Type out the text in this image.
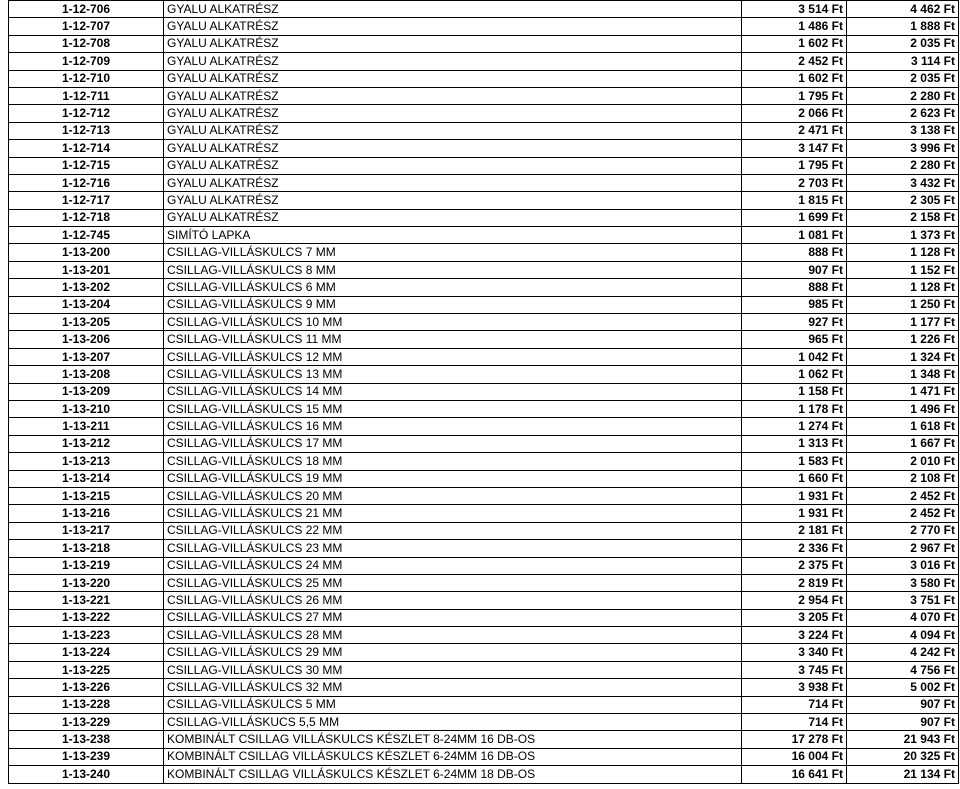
1-12-706	GYALU ALKATRÉSZ	3 514 Ft	4 462 Ft
1-12-707	GYALU ALKATRÉSZ	1 486 Ft	1 888 Ft
1-12-708	GYALU ALKATRÉSZ	1 602 Ft	2 035 Ft
1-12-709	GYALU ALKATRÉSZ	2 452 Ft	3 114 Ft
1-12-710	GYALU ALKATRÉSZ	1 602 Ft	2 035 Ft
1-12-711	GYALU ALKATRÉSZ	1 795 Ft	2 280 Ft
1-12-712	GYALU ALKATRÉSZ	2 066 Ft	2 623 Ft
1-12-713	GYALU ALKATRÉSZ	2 471 Ft	3 138 Ft
1-12-714	GYALU ALKATRÉSZ	3 147 Ft	3 996 Ft
1-12-715	GYALU ALKATRÉSZ	1 795 Ft	2 280 Ft
1-12-716	GYALU ALKATRÉSZ	2 703 Ft	3 432 Ft
1-12-717	GYALU ALKATRÉSZ	1 815 Ft	2 305 Ft
1-12-718	GYALU ALKATRÉSZ	1 699 Ft	2 158 Ft
1-12-745	SIMÍTÓ LAPKA	1 081 Ft	1 373 Ft
1-13-200	CSILLAG-VILLÁSKULCS 7 MM	888 Ft	1 128 Ft
1-13-201	CSILLAG-VILLÁSKULCS 8 MM	907 Ft	1 152 Ft
1-13-202	CSILLAG-VILLÁSKULCS 6 MM	888 Ft	1 128 Ft
1-13-204	CSILLAG-VILLÁSKULCS 9 MM	985 Ft	1 250 Ft
1-13-205	CSILLAG-VILLÁSKULCS 10 MM	927 Ft	1 177 Ft
1-13-206	CSILLAG-VILLÁSKULCS 11 MM	965 Ft	1 226 Ft
1-13-207	CSILLAG-VILLÁSKULCS 12 MM	1 042 Ft	1 324 Ft
1-13-208	CSILLAG-VILLÁSKULCS 13 MM	1 062 Ft	1 348 Ft
1-13-209	CSILLAG-VILLÁSKULCS 14 MM	1 158 Ft	1 471 Ft
1-13-210	CSILLAG-VILLÁSKULCS 15 MM	1 178 Ft	1 496 Ft
1-13-211	CSILLAG-VILLÁSKULCS 16 MM	1 274 Ft	1 618 Ft
1-13-212	CSILLAG-VILLÁSKULCS 17 MM	1 313 Ft	1 667 Ft
1-13-213	CSILLAG-VILLÁSKULCS 18 MM	1 583 Ft	2 010 Ft
1-13-214	CSILLAG-VILLÁSKULCS 19 MM	1 660 Ft	2 108 Ft
1-13-215	CSILLAG-VILLÁSKULCS 20 MM	1 931 Ft	2 452 Ft
1-13-216	CSILLAG-VILLÁSKULCS 21 MM	1 931 Ft	2 452 Ft
1-13-217	CSILLAG-VILLÁSKULCS 22 MM	2 181 Ft	2 770 Ft
1-13-218	CSILLAG-VILLÁSKULCS 23 MM	2 336 Ft	2 967 Ft
1-13-219	CSILLAG-VILLÁSKULCS 24 MM	2 375 Ft	3 016 Ft
1-13-220	CSILLAG-VILLÁSKULCS 25 MM	2 819 Ft	3 580 Ft
1-13-221	CSILLAG-VILLÁSKULCS 26 MM	2 954 Ft	3 751 Ft
1-13-222	CSILLAG-VILLÁSKULCS 27 MM	3 205 Ft	4 070 Ft
1-13-223	CSILLAG-VILLÁSKULCS 28 MM	3 224 Ft	4 094 Ft
1-13-224	CSILLAG-VILLÁSKULCS 29 MM	3 340 Ft	4 242 Ft
1-13-225	CSILLAG-VILLÁSKULCS 30 MM	3 745 Ft	4 756 Ft
1-13-226	CSILLAG-VILLÁSKULCS 32 MM	3 938 Ft	5 002 Ft
1-13-228	CSILLAG-VILLÁSKULCS 5 MM	714 Ft	907 Ft
1-13-229	CSILLAG-VILLÁSKUCS 5,5 MM	714 Ft	907 Ft
1-13-238	KOMBINÁLT CSILLAG VILLÁSKULCS KÉSZLET 8-24MM 16 DB-OS	17 278 Ft	21 943 Ft
1-13-239	KOMBINÁLT CSILLAG VILLÁSKULCS KÉSZLET 6-24MM 16 DB-OS	16 004 Ft	20 325 Ft
1-13-240	KOMBINÁLT CSILLAG VILLÁSKULCS KÉSZLET 6-24MM 18 DB-OS	16 641 Ft	21 134 Ft
